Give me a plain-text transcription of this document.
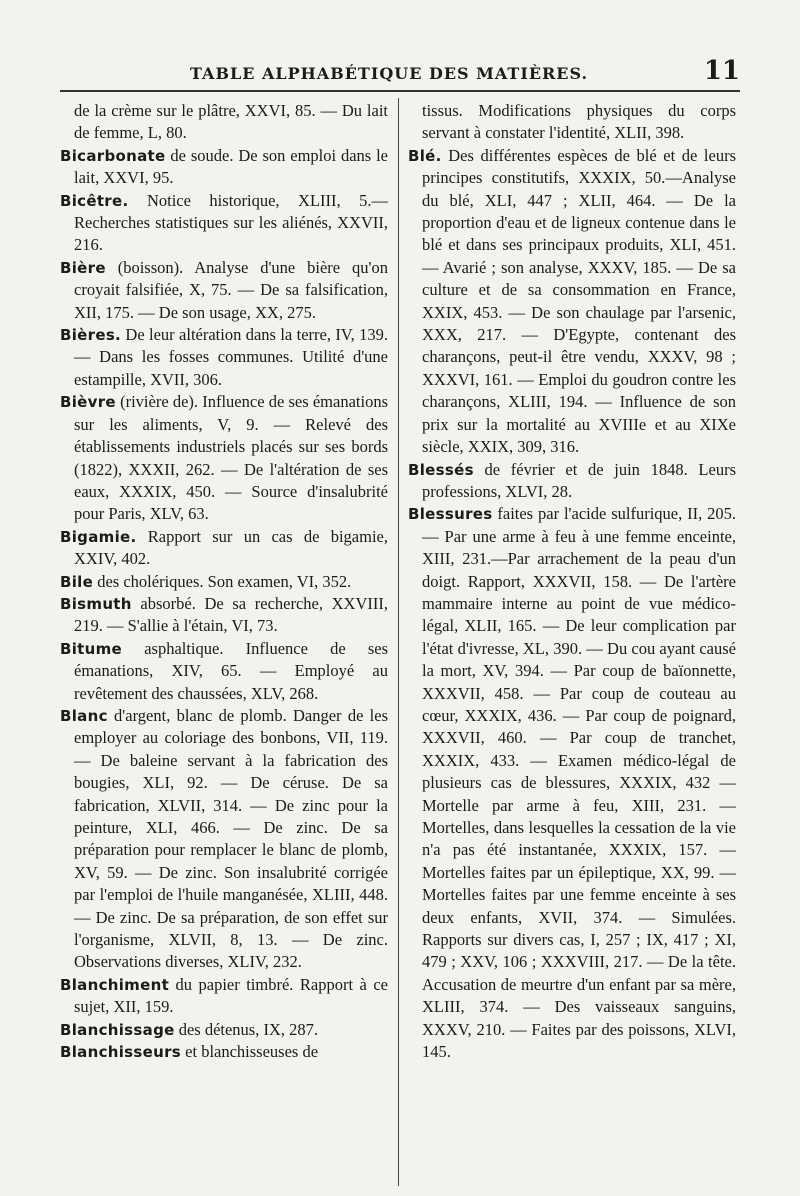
TABLE ALPHABÉTIQUE DES MATIÈRES.	11

de la crème sur le plâtre, XXVI, 85. — Du lait de femme, L, 80.

Bicarbonate de soude. De son emploi dans le lait, XXVI, 95.

Bicêtre. Notice historique, XLIII, 5.— Recherches statistiques sur les aliénés, XXVII, 216.

Bière (boisson). Analyse d'une bière qu'on croyait falsifiée, X, 75. — De sa falsification, XII, 175. — De son usage, XX, 275.

Bières. De leur altération dans la terre, IV, 139. — Dans les fosses communes. Utilité d'une estampille, XVII, 306.

Bièvre (rivière de). Influence de ses émanations sur les aliments, V, 9. — Relevé des établissements industriels placés sur ses bords (1822), XXXII, 262. — De l'altération de ses eaux, XXXIX, 450. — Source d'insalubrité pour Paris, XLV, 63.

Bigamie. Rapport sur un cas de bigamie, XXIV, 402.

Bile des cholériques. Son examen, VI, 352.

Bismuth absorbé. De sa recherche, XXVIII, 219. — S'allie à l'étain, VI, 73.

Bitume asphaltique. Influence de ses émanations, XIV, 65. — Employé au revêtement des chaussées, XLV, 268.

Blanc d'argent, blanc de plomb. Danger de les employer au coloriage des bonbons, VII, 119. — De baleine servant à la fabrication des bougies, XLI, 92. — De céruse. De sa fabrication, XLVII, 314. — De zinc pour la peinture, XLI, 466. — De zinc. De sa préparation pour remplacer le blanc de plomb, XV, 59. — De zinc. Son insalubrité corrigée par l'emploi de l'huile manganésée, XLIII, 448.— De zinc. De sa préparation, de son effet sur l'organisme, XLVII, 8, 13. — De zinc. Observations diverses, XLIV, 232.

Blanchiment du papier timbré. Rapport à ce sujet, XII, 159.

Blanchissage des détenus, IX, 287.

Blanchisseurs et blanchisseuses de

tissus. Modifications physiques du corps servant à constater l'identité, XLII, 398.

Blé. Des différentes espèces de blé et de leurs principes constitutifs, XXXIX, 50.—Analyse du blé, XLI, 447 ; XLII, 464. — De la proportion d'eau et de ligneux contenue dans le blé et dans ses principaux produits, XLI, 451. — Avarié ; son analyse, XXXV, 185. — De sa culture et de sa consommation en France, XXIX, 453. — De son chaulage par l'arsenic, XXX, 217. — D'Egypte, contenant des charançons, peut-il être vendu, XXXV, 98 ; XXXVI, 161. — Emploi du goudron contre les charançons, XLIII, 194. — Influence de son prix sur la mortalité au XVIIIe et au XIXe siècle, XXIX, 309, 316.

Blessés de février et de juin 1848. Leurs professions, XLVI, 28.

Blessures faites par l'acide sulfurique, II, 205. — Par une arme à feu à une femme enceinte, XIII, 231.—Par arrachement de la peau d'un doigt. Rapport, XXXVII, 158. — De l'artère mammaire interne au point de vue médico-légal, XLII, 165. — De leur complication par l'état d'ivresse, XL, 390. — Du cou ayant causé la mort, XV, 394. — Par coup de baïonnette, XXXVII, 458. — Par coup de couteau au cœur, XXXIX, 436. — Par coup de poignard, XXXVII, 460. — Par coup de tranchet, XXXIX, 433. — Examen médico-légal de plusieurs cas de blessures, XXXIX, 432 —Mortelle par arme à feu, XIII, 231. — Mortelles, dans lesquelles la cessation de la vie n'a pas été instantanée, XXXIX, 157. — Mortelles faites par un épileptique, XX, 99. — Mortelles faites par une femme enceinte à ses deux enfants, XVII, 374. — Simulées. Rapports sur divers cas, I, 257 ; IX, 417 ; XI, 479 ; XXV, 106 ; XXXVIII, 217. — De la tête. Accusation de meurtre d'un enfant par sa mère, XLIII, 374. — Des vaisseaux sanguins, XXXV, 210. — Faites par des poissons, XLVI, 145.
